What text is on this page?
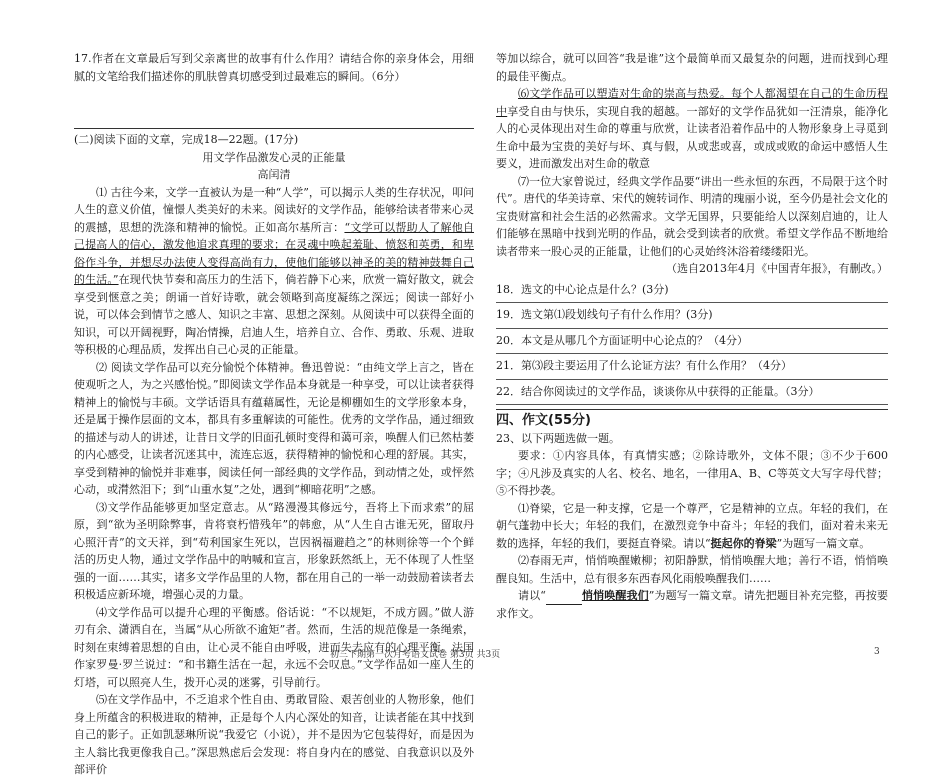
17.作者在文章最后写到父亲离世的故事有什么作用？请结合你的亲身体会，用细腻的文笔给我们描述你的肌肤曾真切感受到过最难忘的瞬间。（6分）

(二)阅读下面的文章，完成18—22题。(17分)

用文学作品激发心灵的正能量

高闰清

⑴ 古往今来，文学一直被认为是一种“人学”，可以揭示人类的生存状况，叩问人生的意义价值，憧憬人类美好的未来。阅读好的文学作品，能够给读者带来心灵的震撼，思想的洗涤和精神的愉悦。正如高尔基所言：“文学可以帮助人了解他自己提高人的信心，激发他追求真理的要求；在灵魂中唤起羞耻、愤怒和英勇，和卑俗作斗争，并想尽办法使人变得高尚有力，使他们能够以神圣的美的精神鼓舞自己的生活。”在现代快节奏和高压力的生活下，倘若静下心来，欣赏一篇好散文，就会享受到惬意之美；朗诵一首好诗歌，就会领略到高度凝练之深远；阅读一部好小说，可以体会到情节之感人、知识之丰富、思想之深刻。从阅读中可以获得全面的知识，可以开阔视野，陶冶情操，启迪人生，培养自立、合作、勇敢、乐观、进取等积极的心理品质，发挥出自己心灵的正能量。

⑵ 阅读文学作品可以充分愉悦个体精神。鲁迅曾说：“由纯文学上言之，皆在使观听之人，为之兴感怡悦。”即阅读文学作品本身就是一种享受，可以让读者获得精神上的愉悦与丰硕。文学话语具有蕴藉属性，无论是柳棚如生的文学形象本身，还是属于操作层面的文本，都具有多重解读的可能性。优秀的文学作品，通过细致的描述与动人的讲述，让昔日文学的旧面孔顿时变得和蔼可亲，唤醒人们已然枯萎的内心感受，让读者沉迷其中，流连忘返，获得精神的愉悦和心理的舒展。其实，享受到精神的愉悦并非难事，阅读任何一部经典的文学作品，到动情之处，或怦然心动，或潸然泪下；到“山重水复”之处，遇到“柳暗花明”之感。

⑶文学作品能够更加坚定意志。从“路漫漫其修远兮，吾将上下而求索”的屈原，到“欲为圣明除弊事，肯将衰朽惜残年”的韩愈，从“人生自古谁无死，留取丹心照汗青”的文天祥，到“苟利国家生死以，岂因祸福避趋之”的林则徐等一个个鲜活的历史人物，通过文学作品中的呐喊和宣言，形象跃然纸上，无不体现了人性坚强的一面……其实，诸多文学作品里的人物，都在用自己的一举一动鼓励着读者去积极适应新环境，增强心灵的力量。

⑷文学作品可以提升心理的平衡感。俗话说：“不以规矩，不成方圆。”做人游刃有余、潇洒自在，当属“从心所欲不逾矩”者。然而，生活的规范像是一条绳索，时刻在束缚着思想的自由，让心灵不能自由呼吸，进而失去应有的心理平衡。法国作家罗曼·罗兰说过：“和书籍生活在一起，永远不会叹息。”文学作品如一座人生的灯塔，可以照亮人生，拨开心灵的迷雾，引导前行。

⑸在文学作品中，不乏追求个性自由、勇敢冒险、艰苦创业的人物形象，他们身上所蕴含的积极进取的精神，正是每个人内心深处的知音，让读者能在其中找到自己的影子。正如凯瑟琳所说“我爱它（小说），并不是因为它包装得好，而是因为主人翁比我更像我自己。”深思熟虑后会发现：将自身内在的感觉、自我意识以及外部评价

等加以综合，就可以回答“我是谁”这个最简单而又最复杂的问题，进而找到心理的最佳平衡点。

⑹文学作品可以塑造对生命的崇高与热爱。每个人都渴望在自己的生命历程中享受自由与快乐，实现自我的超越。一部好的文学作品犹如一汪清泉，能净化人的心灵体现出对生命的尊重与欣赏，让读者沿着作品中的人物形象身上寻觅到生命中最为宝贵的美好与坏、真与假，从或悲或喜，或成或败的命运中感悟人生要义，进而激发出对生命的敬意

⑺一位大家曾说过，经典文学作品要“讲出一些永恒的东西，不局限于这个时代”。唐代的华美诗章、宋代的婉转词作、明清的瑰丽小说，至今仍是社会文化的宝贵财富和社会生活的必然需求。文学无国界，只要能给人以深刻启迪的，让人们能够在黑暗中找到光明的作品，就会受到读者的欣赏。希望文学作品不断地给读者带来一股心灵的正能量，让他们的心灵始终沐浴着缕缕阳光。

（选自2013年4月《中国青年报》，有删改。）

18．选文的中心论点是什么？(3分)

19．选文第⑴段划线句子有什么作用？(3分)

20．本文是从哪几个方面证明中心论点的？（4分）

21．第⑶段主要运用了什么论证方法？有什么作用？（4分）

22．结合你阅读过的文学作品，谈谈你从中获得的正能量。（3分）

四、作文(55分)

23、以下两题选做一题。

要求：①内容具体，有真情实感；②除诗歌外，文体不限；③不少于600字；④凡涉及真实的人名、校名、地名，一律用A、B、C等英文大写字母代替；⑤不得抄袭。

⑴脊梁，它是一种支撑，它是一个尊严，它是精神的立点。年轻的我们，在朝气蓬勃中长大；年轻的我们，在激烈竞争中奋斗；年轻的我们，面对着未来无数的选择，年轻的我们，要挺直脊梁。请以“挺起你的脊梁”为题写一篇文章。

⑵春雨无声，悄悄唤醒嫩柳；初阳静默，悄悄唤醒大地；善行不语，悄悄唤醒良知。生活中，总有很多东西春风化雨般唤醒我们……

请以“	悄悄唤醒我们”为题写一篇文章。请先把题目补充完整，再按要求作文。

初三下期第一次月考语文试卷 第3页 共3页	3
